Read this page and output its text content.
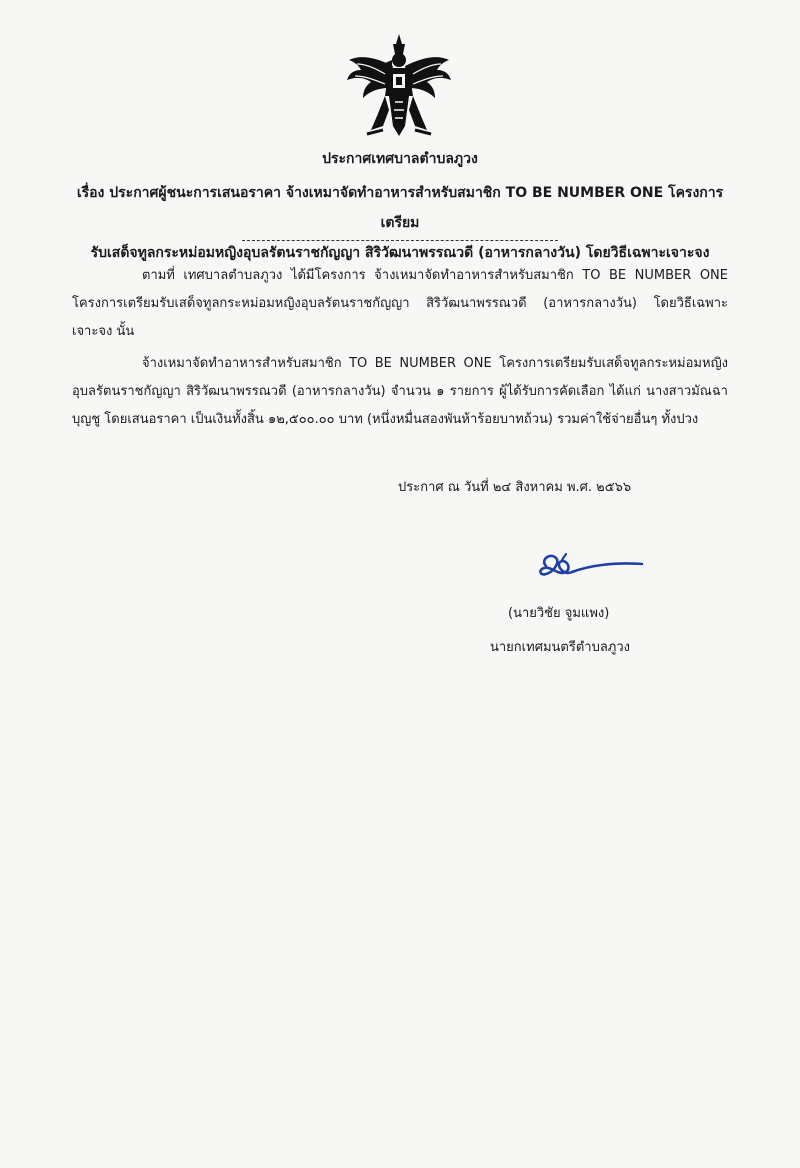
ประกาศเทศบาลตำบลภูวง
เรื่อง ประกาศผู้ชนะการเสนอราคา จ้างเหมาจัดทำอาหารสำหรับสมาชิก TO BE NUMBER ONE โครงการเตรียม
รับเสด็จทูลกระหม่อมหญิงอุบลรัตนราชกัญญา สิริวัฒนาพรรณวดี (อาหารกลางวัน) โดยวิธีเฉพาะเจาะจง
ตามที่ เทศบาลตำบลภูวง ได้มีโครงการ จ้างเหมาจัดทำอาหารสำหรับสมาชิก TO BE NUMBER ONE โครงการเตรียมรับเสด็จทูลกระหม่อมหญิงอุบลรัตนราชกัญญา สิริวัฒนาพรรณวดี (อาหารกลางวัน) โดยวิธีเฉพาะเจาะจง นั้น
จ้างเหมาจัดทำอาหารสำหรับสมาชิก TO BE NUMBER ONE โครงการเตรียมรับเสด็จทูลกระหม่อมหญิงอุบลรัตนราชกัญญา สิริวัฒนาพรรณวดี (อาหารกลางวัน) จำนวน ๑ รายการ ผู้ได้รับการคัดเลือก ได้แก่ นางสาวมัณฉา บุญชู โดยเสนอราคา เป็นเงินทั้งสิ้น ๑๒,๕๐๐.๐๐ บาท (หนึ่งหมื่นสองพันห้าร้อยบาทถ้วน) รวมค่าใช้จ่ายอื่นๆ ทั้งปวง
ประกาศ ณ วันที่ ๒๔ สิงหาคม พ.ศ. ๒๕๖๖
(นายวิชัย จูมแพง)
นายกเทศมนตรีตำบลภูวง
